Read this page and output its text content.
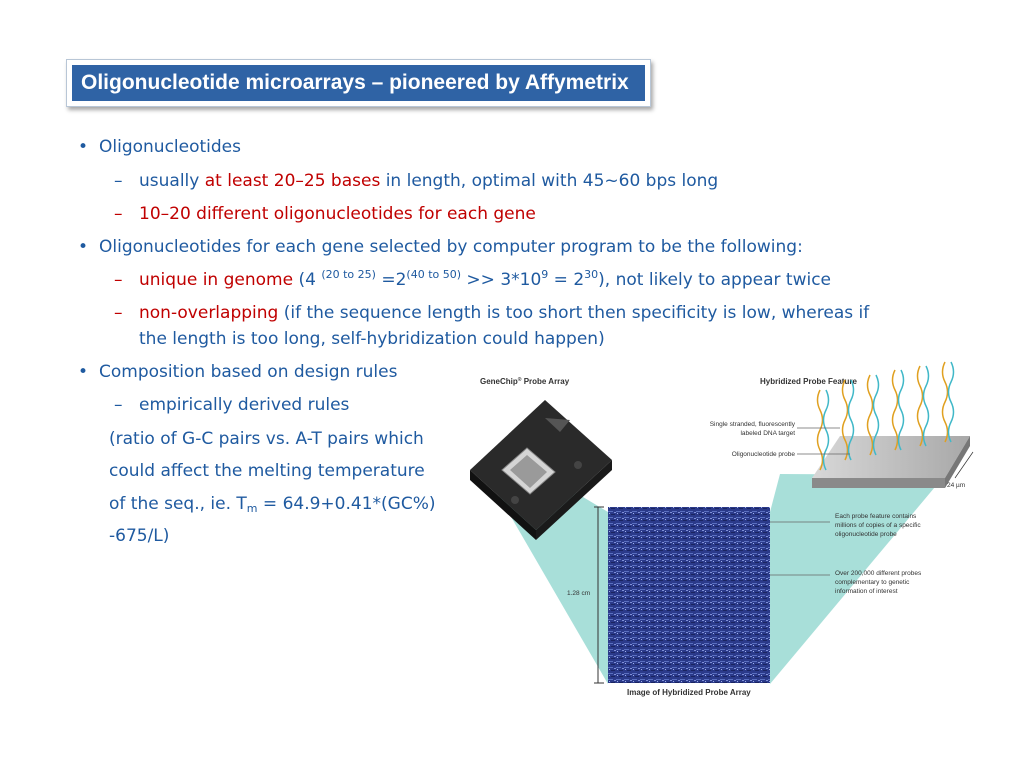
Oligonucleotide microarrays – pioneered by Affymetrix
• Oligonucleotides
– usually at least 20–25 bases in length, optimal with 45~60 bps long
– 10–20 different oligonucleotides for each gene
• Oligonucleotides for each gene selected by computer program to be the following:
– unique in genome (4 $^{(20 to 25)} =2^{(40 to 50)} >> 3*10^9 = 2^{30}$), not likely to appear twice
– non-overlapping (if the sequence length is too short then specificity is low, whereas if
the length is too long, self-hybridization could happen)
• Composition based on design rules
– empirically derived rules
(ratio of G-C pairs vs. A-T pairs which
could affect the melting temperature
of the seq., ie. $T_m = 64.9+0.41*(GC\%)$
-675/L)
GeneChip® Probe Array	Hybridized Probe Feature
1.28 cm
Image of Hybridized Probe Array
Single stranded, fluorescently
labeled DNA target
Oligonucleotide probe
24 µm
Each probe feature contains
millions of copies of a specific
oligonucleotide probe
Over 200,000 different probes
complementary to genetic
information of interest
